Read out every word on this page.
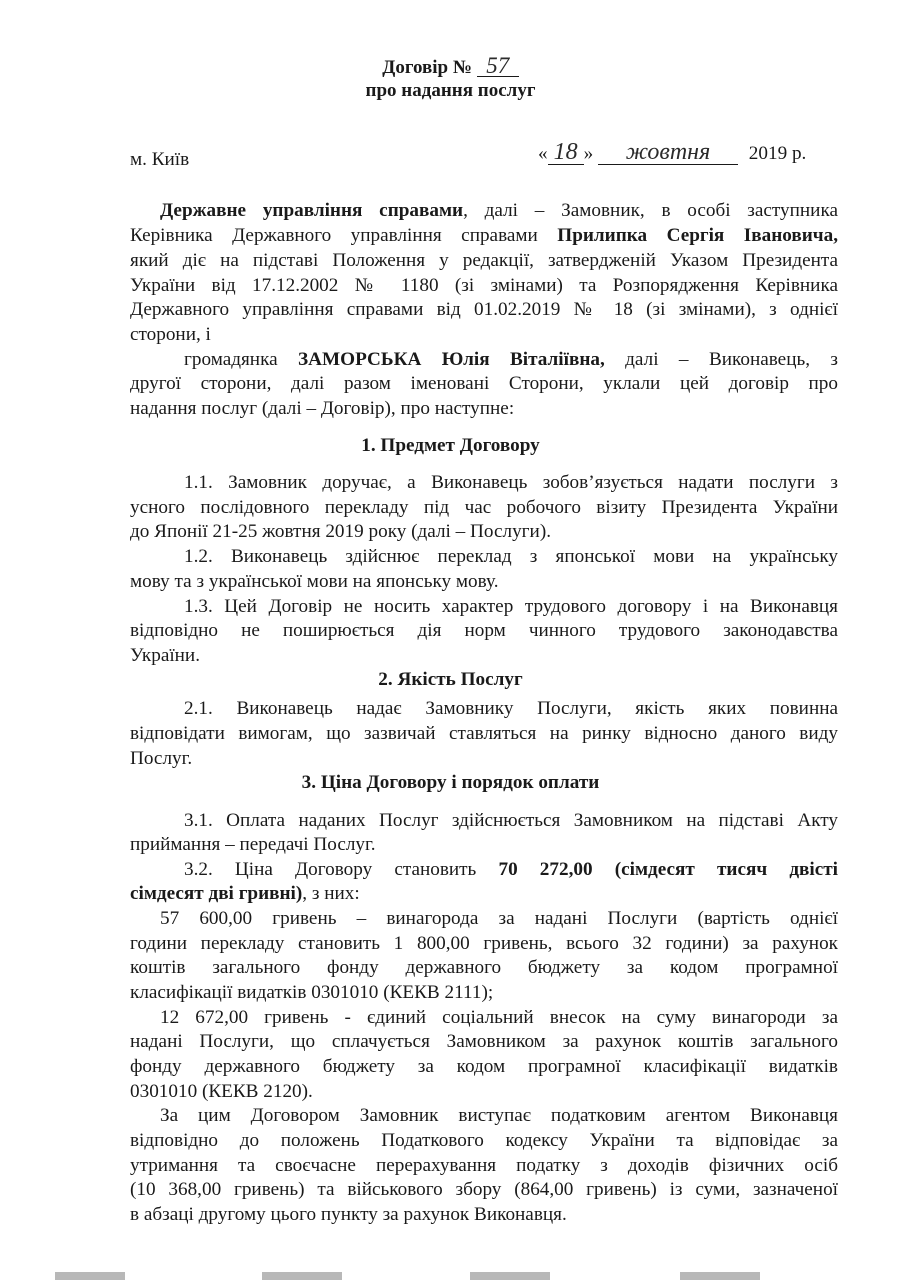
Договір № 57
про надання послуг
м. Київ	« 18 » жовтня 2019 р.
Державне управління справами, далі – Замовник, в особі заступника
Керівника Державного управління справами Прилипка Сергія Івановича,
який діє на підставі Положення у редакції, затвердженій Указом Президента
України від 17.12.2002 № 1180 (зі змінами) та Розпорядження Керівника
Державного управління справами від 01.02.2019 № 18 (зі змінами), з однієї
сторони, і
громадянка ЗАМОРСЬКА Юлія Віталіївна, далі – Виконавець, з
другої сторони, далі разом іменовані Сторони, уклали цей договір про
надання послуг (далі – Договір), про наступне:
1. Предмет Договору
1.1. Замовник доручає, а Виконавець зобов’язується надати послуги з
усного послідовного перекладу під час робочого візиту Президента України
до Японії 21-25 жовтня 2019 року (далі – Послуги).
1.2. Виконавець здійснює переклад з японської мови на українську
мову та з української мови на японську мову.
1.3. Цей Договір не носить характер трудового договору і на Виконавця
відповідно не поширюється дія норм чинного трудового законодавства
України.
2. Якість Послуг
2.1. Виконавець надає Замовнику Послуги, якість яких повинна
відповідати вимогам, що зазвичай ставляться на ринку відносно даного виду
Послуг.
3. Ціна Договору і порядок оплати
3.1. Оплата наданих Послуг здійснюється Замовником на підставі Акту
приймання – передачі Послуг.
3.2. Ціна Договору становить 70 272,00 (сімдесят тисяч двісті
сімдесят дві гривні), з них:
57 600,00 гривень – винагорода за надані Послуги (вартість однієї
години перекладу становить 1 800,00 гривень, всього 32 години) за рахунок
коштів загального фонду державного бюджету за кодом програмної
класифікації видатків 0301010 (КЕКВ 2111);
12 672,00 гривень - єдиний соціальний внесок на суму винагороди за
надані Послуги, що сплачується Замовником за рахунок коштів загального
фонду державного бюджету за кодом програмної класифікації видатків
0301010 (КЕКВ 2120).
За цим Договором Замовник виступає податковим агентом Виконавця
відповідно до положень Податкового кодексу України та відповідає за
утримання та своєчасне перерахування податку з доходів фізичних осіб
(10 368,00 гривень) та військового збору (864,00 гривень) із суми, зазначеної
в абзаці другому цього пункту за рахунок Виконавця.
